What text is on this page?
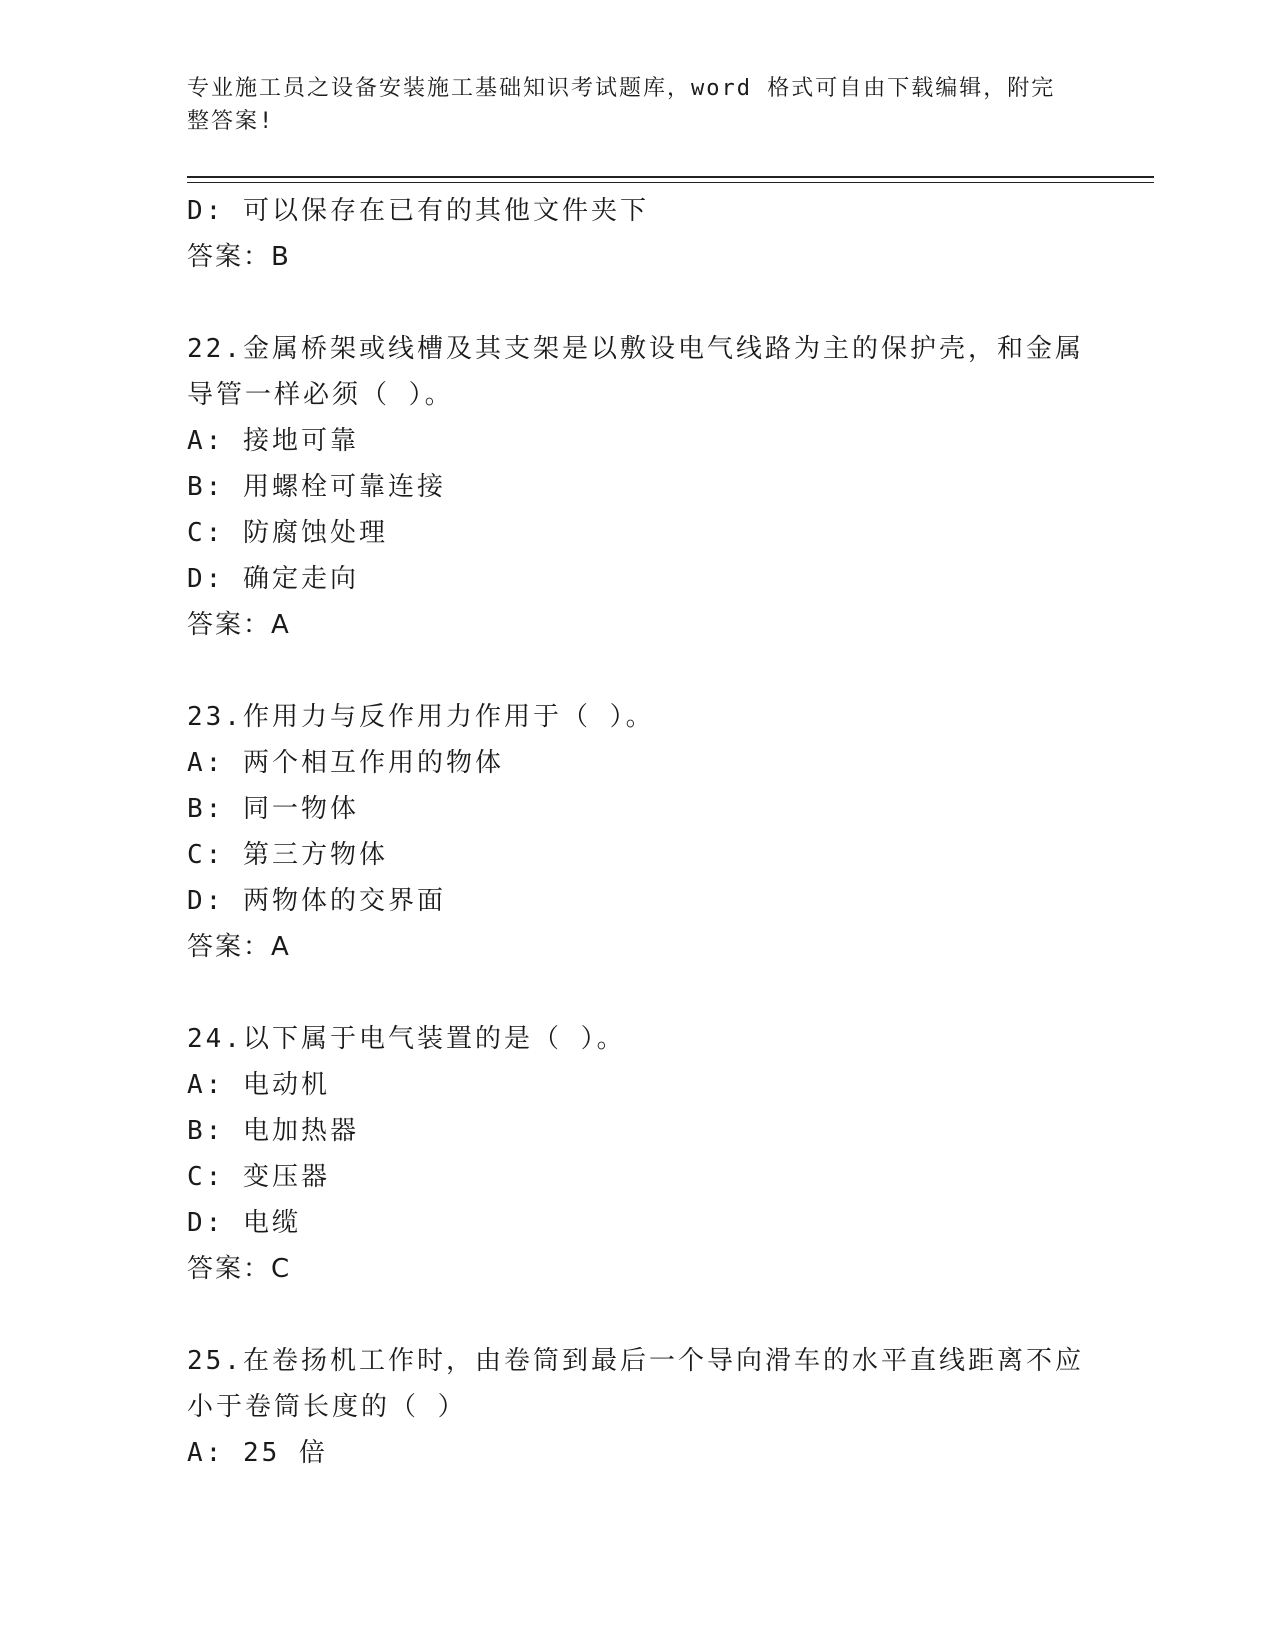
专业施工员之设备安装施工基础知识考试题库，word 格式可自由下载编辑，附完
整答案!
D: 可以保存在已有的其他文件夹下
答案：B
22.金属桥架或线槽及其支架是以敷设电气线路为主的保护壳，和金属
导管一样必须（ ）。
A: 接地可靠
B: 用螺栓可靠连接
C: 防腐蚀处理
D: 确定走向
答案：A
23.作用力与反作用力作用于（ ）。
A: 两个相互作用的物体
B: 同一物体
C: 第三方物体
D: 两物体的交界面
答案：A
24.以下属于电气装置的是（ ）。
A: 电动机
B: 电加热器
C: 变压器
D: 电缆
答案：C
25.在卷扬机工作时，由卷筒到最后一个导向滑车的水平直线距离不应
小于卷筒长度的（ ）
A: 25 倍
